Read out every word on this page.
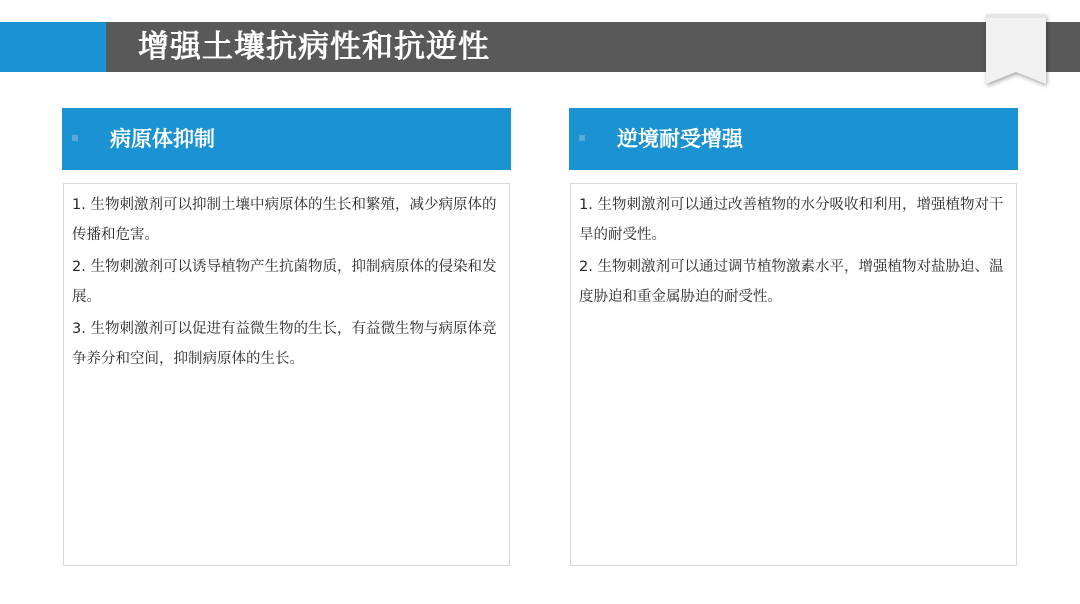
增强土壤抗病性和抗逆性
病原体抑制

1. 生物刺激剂可以抑制土壤中病原体的生长和繁殖，减少病原体的传播和危害。

2. 生物刺激剂可以诱导植物产生抗菌物质，抑制病原体的侵染和发展。

3. 生物刺激剂可以促进有益微生物的生长，有益微生物与病原体竞争养分和空间，抑制病原体的生长。

逆境耐受增强

1. 生物刺激剂可以通过改善植物的水分吸收和利用，增强植物对干旱的耐受性。

2. 生物刺激剂可以通过调节植物激素水平，增强植物对盐胁迫、温度胁迫和重金属胁迫的耐受性。
